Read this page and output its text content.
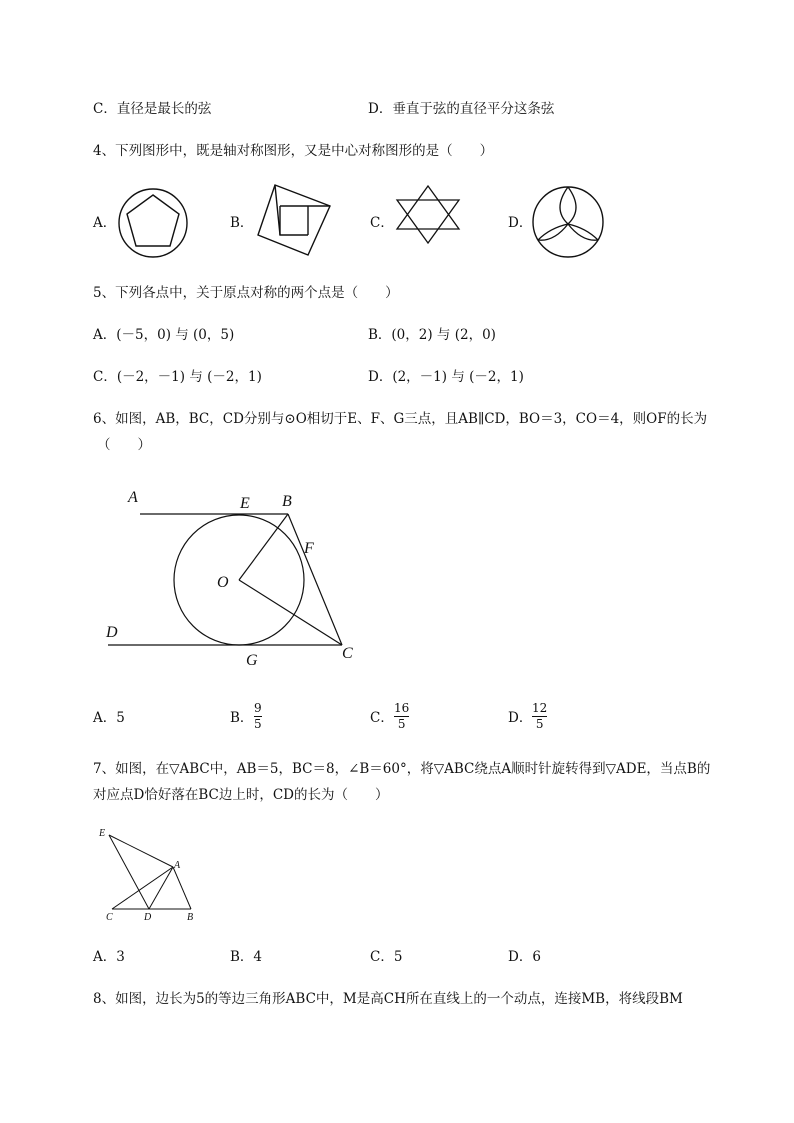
C．直径是最长的弦	D．垂直于弦的直径平分这条弦
4、下列图形中，既是轴对称图形，又是中心对称图形的是（　　）
A．	B．	C．	D．
5、下列各点中，关于原点对称的两个点是（　　）
A．(－5，0) 与 (0，5)	B．(0，2) 与 (2，0)
C．(－2，－1) 与 (－2，1)	D．(2，－1) 与 (－2，1)
6、如图，AB，BC，CD分别与⊙O相切于E、F、G三点，且AB∥CD，BO＝3，CO＝4，则OF的长为
（　　）
A	E B
F
O
D
G	C
A．5	B．
9
5	C．
16
5	D．
12
5
7、如图，在▽ABC中，AB＝5，BC＝8，∠B＝60°，将▽ABC绕点A顺时针旋转得到▽ADE，当点B的
对应点D恰好落在BC边上时，CD的长为（　　）
E
A
C	D	B
A．3	B．4	C．5	D．6
8、如图，边长为5的等边三角形ABC中，M是高CH所在直线上的一个动点，连接MB，将线段BM
